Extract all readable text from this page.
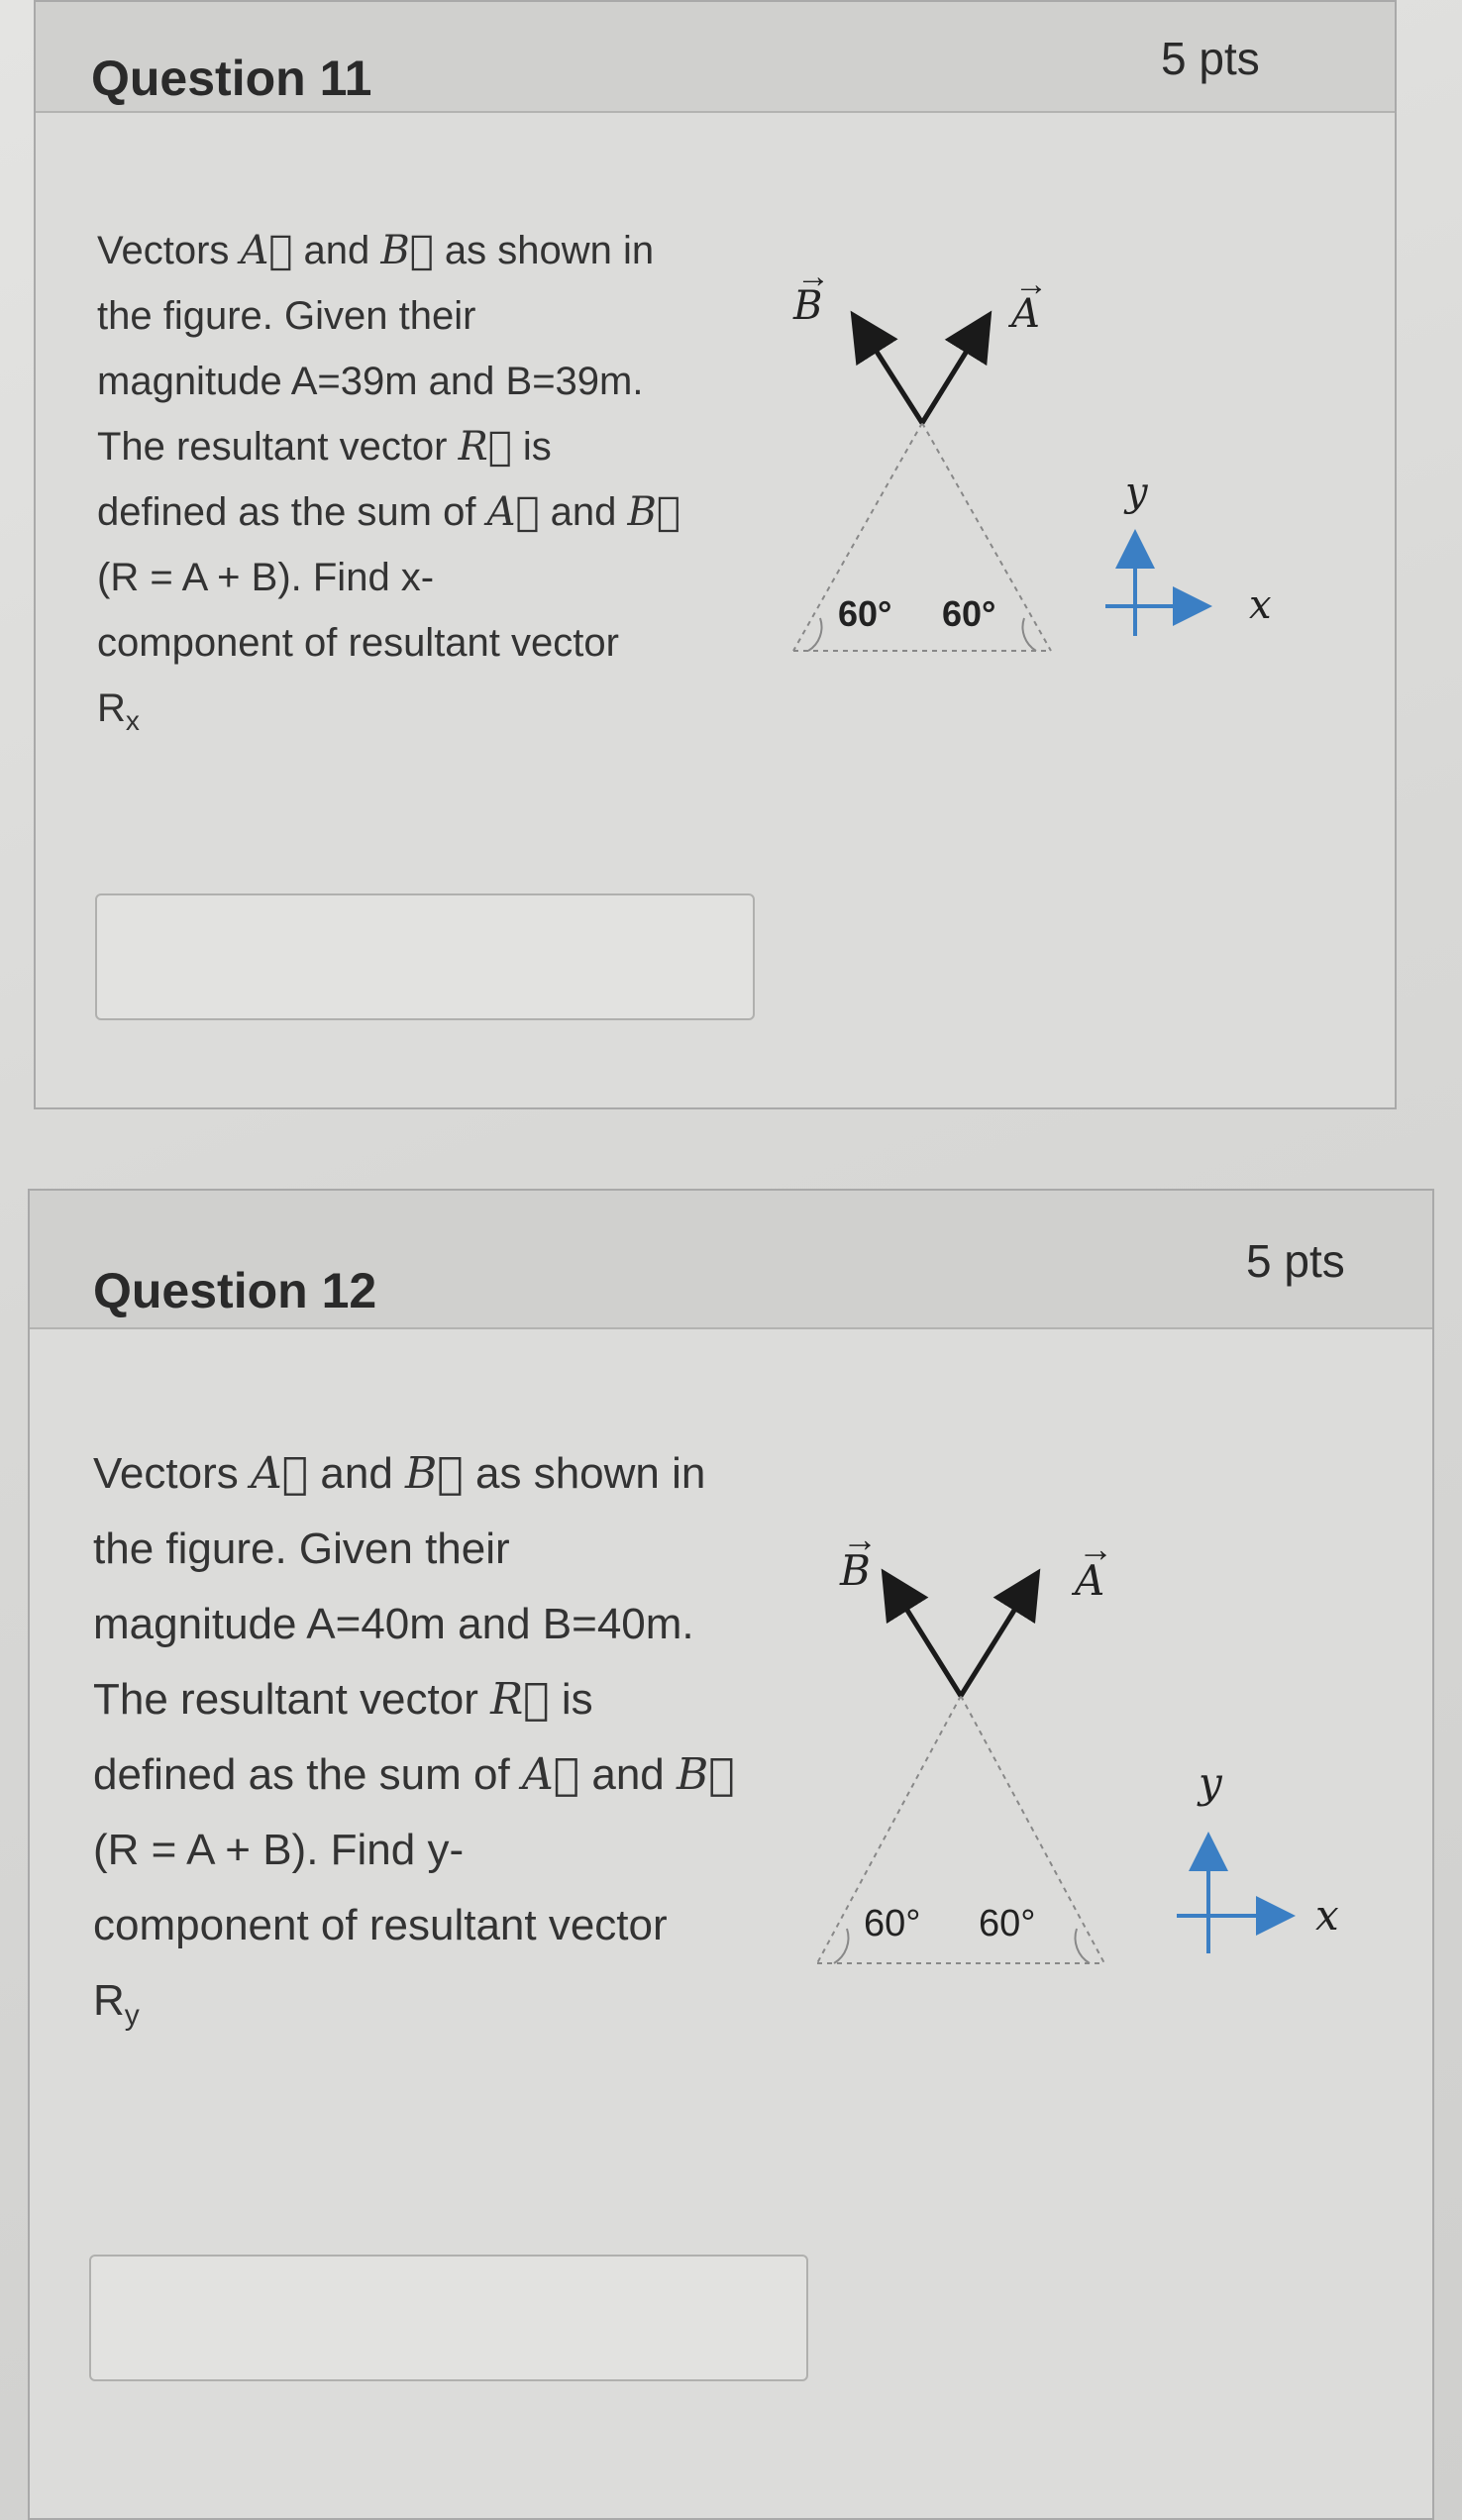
Question 11	5 pts

Vectors A⃗ and B⃗ as shown in

the figure. Given their

magnitude A=39m and B=39m.

The resultant vector R⃗ is

defined as the sum of A⃗ and B⃗

(R = A + B). Find x-

component of resultant vector

$R_x$

B
→
A
→
60° 60°
y
x
Question 12
5 pts

Vectors A⃗ and B⃗ as shown in

the figure. Given their

magnitude A=40m and B=40m.

The resultant vector R⃗ is

defined as the sum of A⃗ and B⃗

(R = A + B). Find y-

component of resultant vector

$R_y$

B
→
A
→
60° 60°
y
x
